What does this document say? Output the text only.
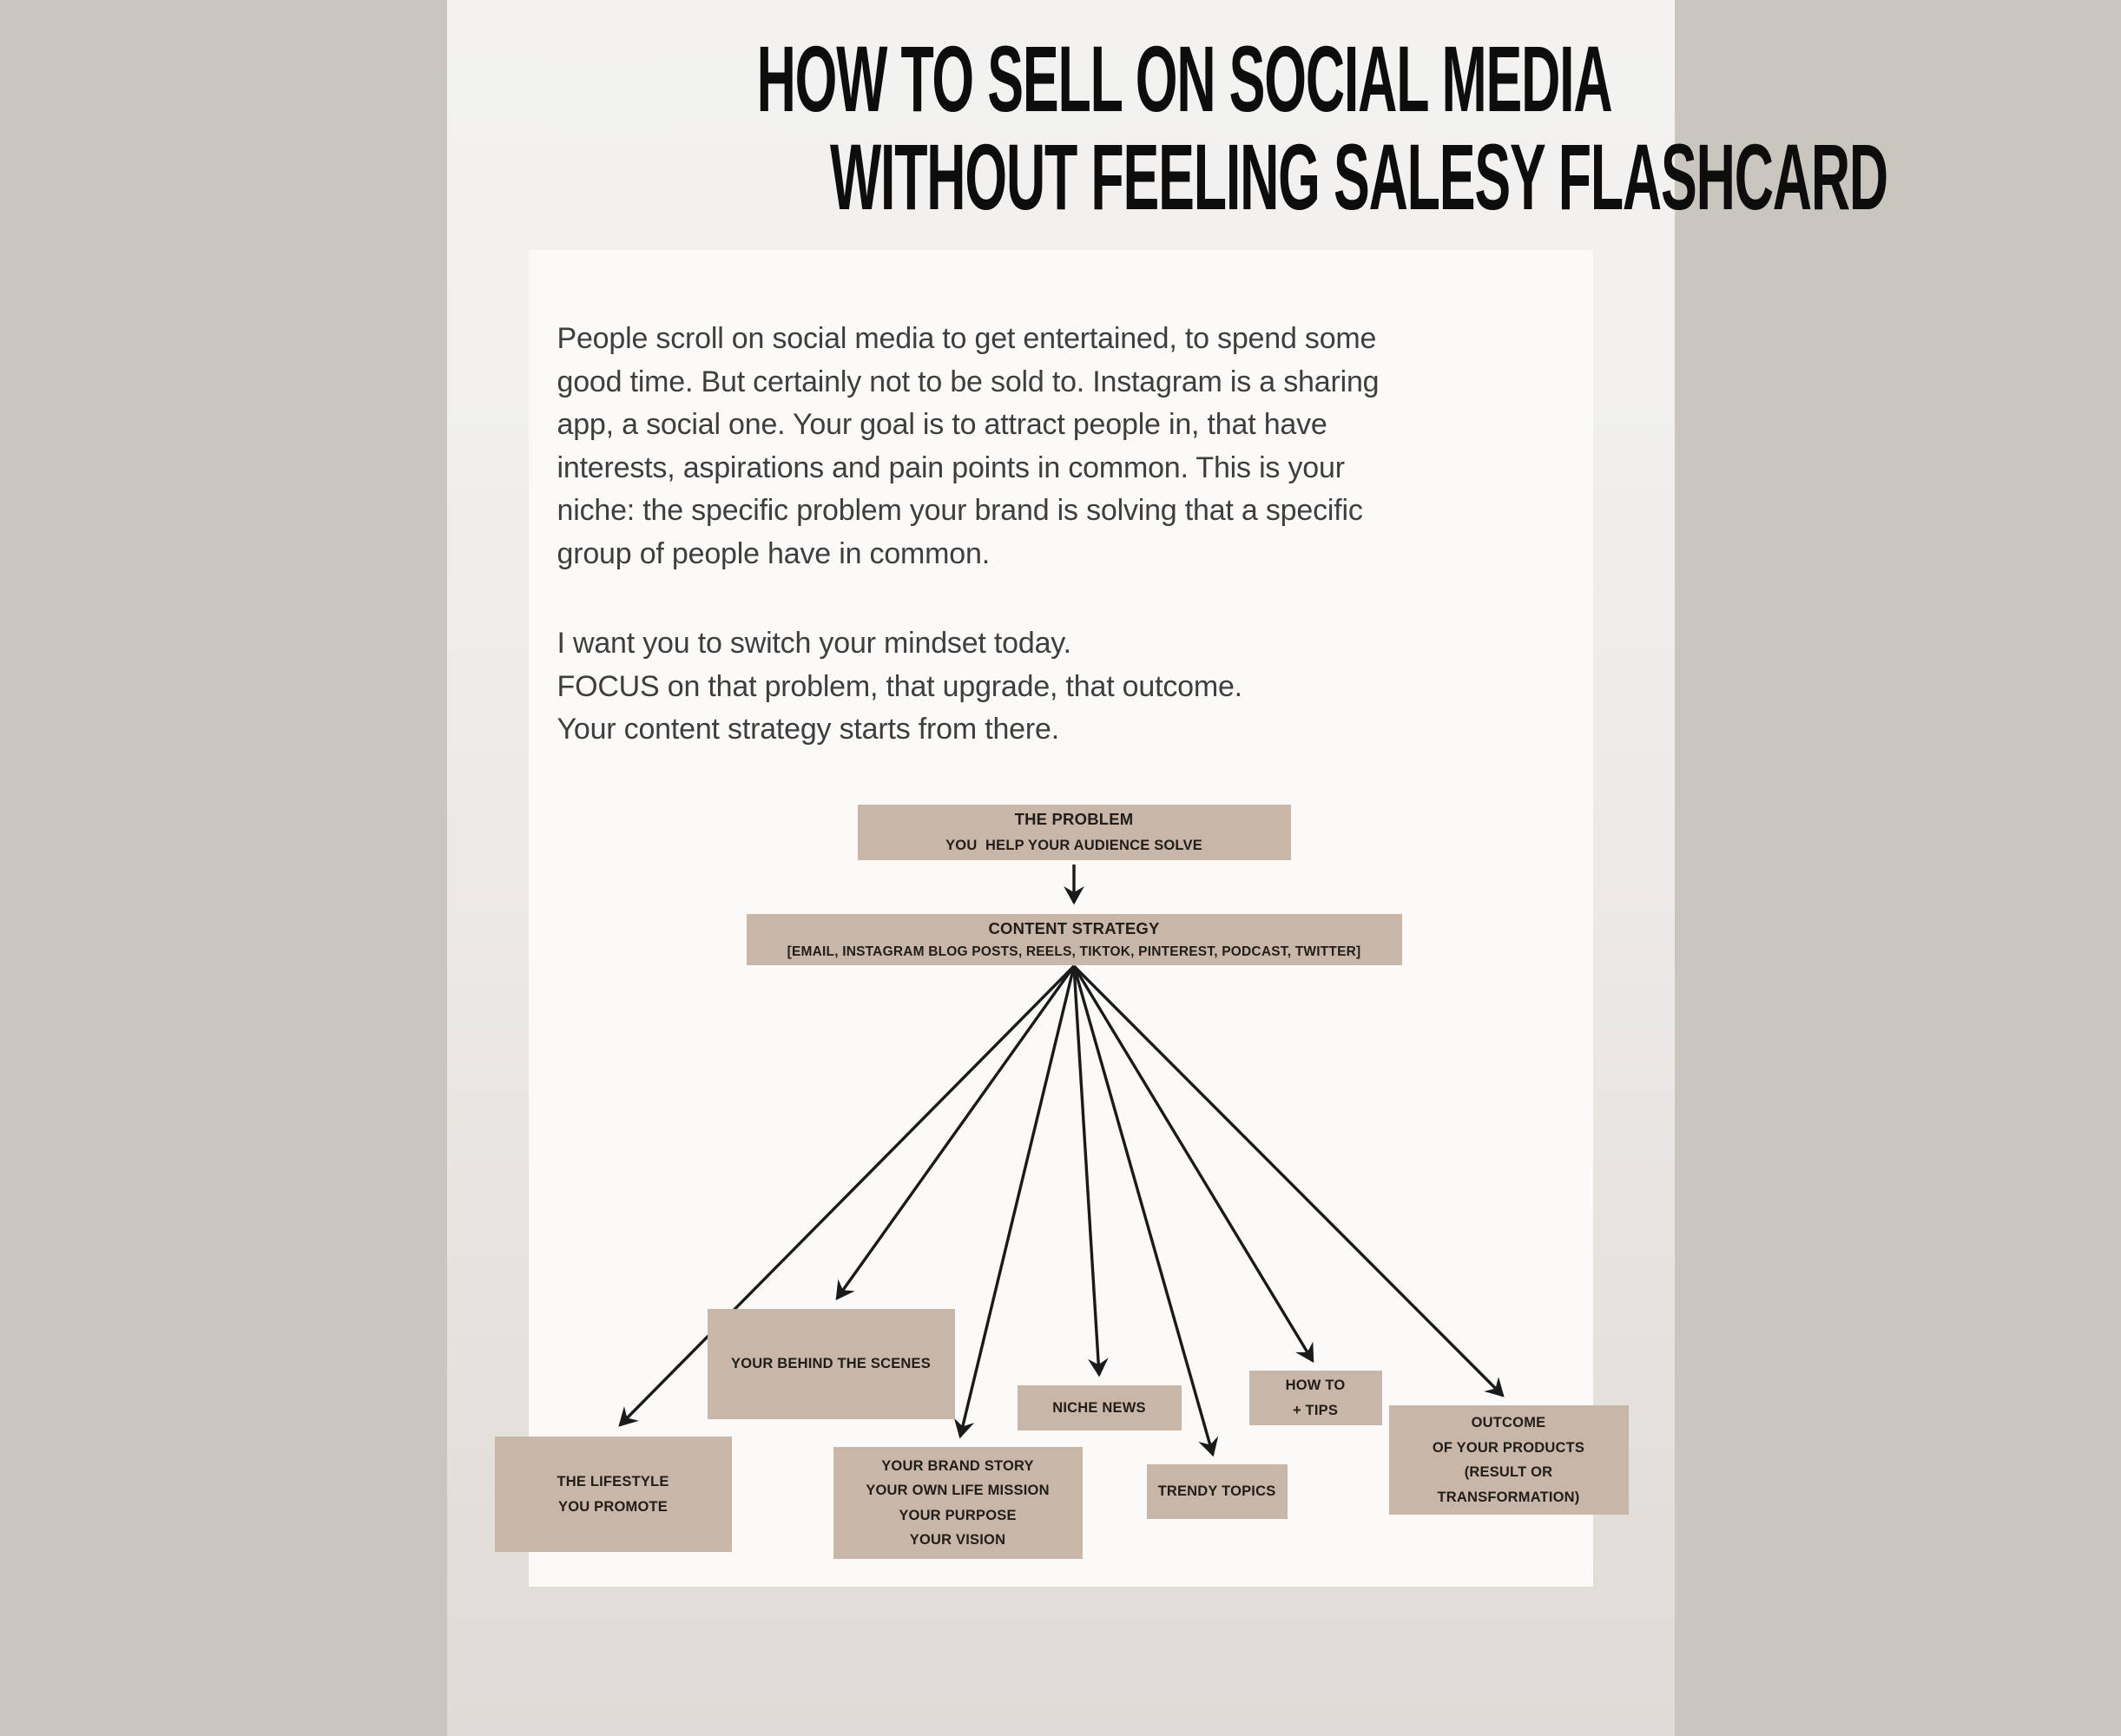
HOW TO SELL ON SOCIAL MEDIA
WITHOUT FEELING SALESY FLASHCARD
People scroll on social media to get entertained, to spend some
good time. But certainly not to be sold to. Instagram is a sharing
app, a social one. Your goal is to attract people in, that have
interests, aspirations and pain points in common. This is your
niche: the specific problem your brand is solving that a specific
group of people have in common.
I want you to switch your mindset today.
FOCUS on that problem, that upgrade, that outcome.
Your content strategy starts from there.
THE PROBLEM
YOU  HELP YOUR AUDIENCE SOLVE
CONTENT STRATEGY
[EMAIL, INSTAGRAM BLOG POSTS, REELS, TIKTOK, PINTEREST, PODCAST, TWITTER]
THE LIFESTYLE
YOU PROMOTE
YOUR BEHIND THE SCENES
YOUR BRAND STORY
YOUR OWN LIFE MISSION
YOUR PURPOSE
YOUR VISION
NICHE NEWS
TRENDY TOPICS
HOW TO
+ TIPS
OUTCOME
OF YOUR PRODUCTS
(RESULT OR
TRANSFORMATION)
